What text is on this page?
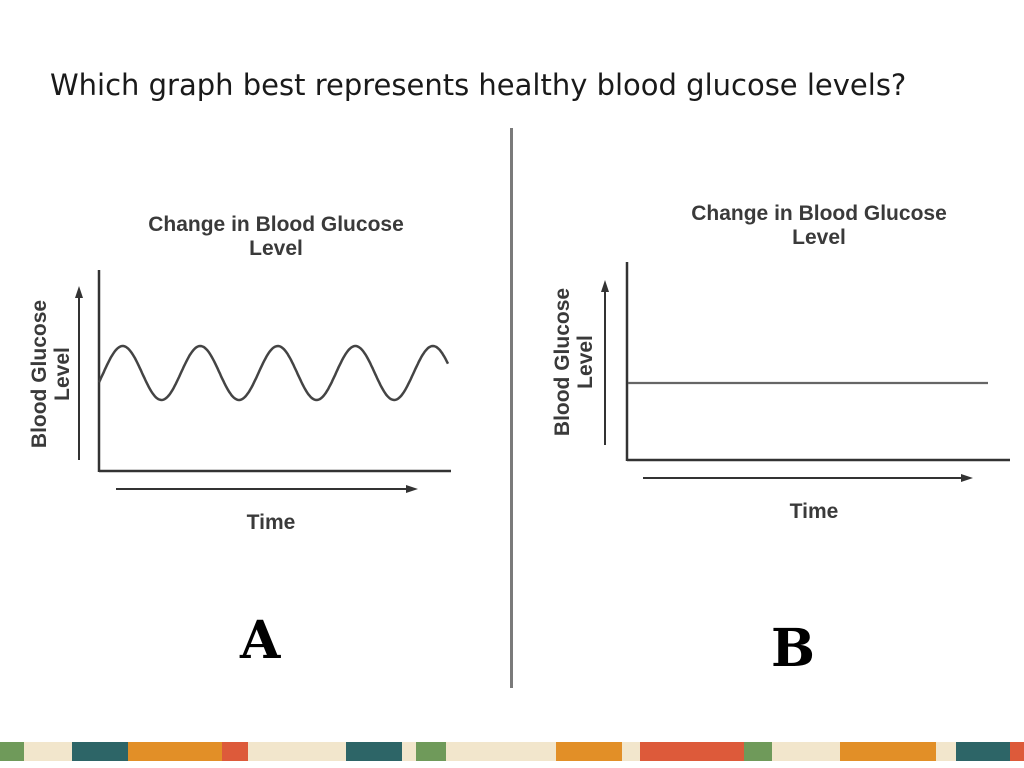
Which graph best represents healthy blood glucose levels?
Change in Blood Glucose
Level
Blood Glucose Level
Time
Change in Blood Glucose
Level
Blood Glucose Level
Time
A	B
